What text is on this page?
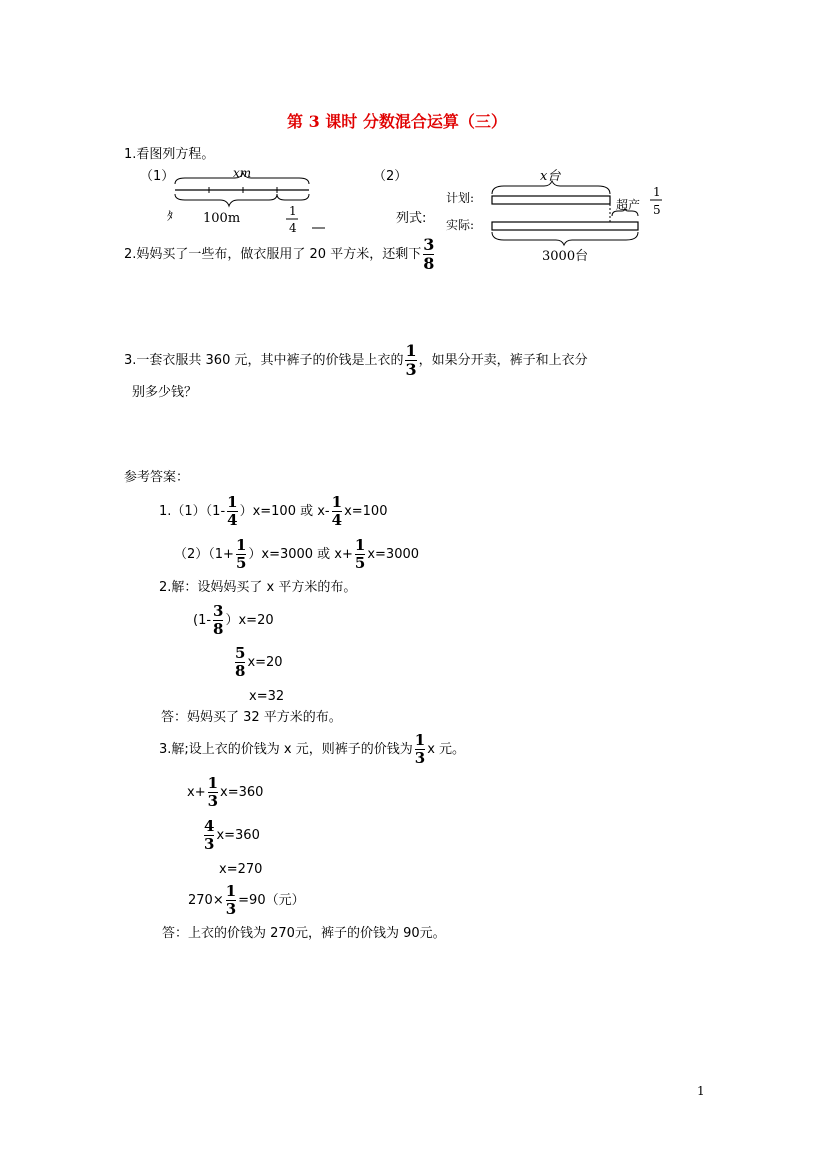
第 3 课时 分数混合运算（三）
1.看图列方程。
（1）	xm
ﾀ 100m	1
4
（2）
列式:
x台
计划:
实际:
超产
1
5
3000台
2.妈妈买了一些布，做衣服用了 20 平方米，还剩下 $\frac{3}{8}$
3.一套衣服共 360 元，其中裤子的价钱是上衣的 $\frac{1}{3}$ ，如果分开卖，裤子和上衣分
别多少钱？
参考答案：
$1.(1)(1- \frac{1}{4} )x=100$ 或 $x- \frac{1}{4} x=100$
$(2)(1+ \frac{1}{5} )x=3000$ 或 $x+ \frac{1}{5} x=3000$
2.解：设妈妈买了 x 平方米的布。
$(1- \frac{3}{8} )x=20$
$\frac{5}{8} x=20$
x=32
答：妈妈买了 32 平方米的布。
3.解;设上衣的价钱为 x 元，则裤子的价钱为 $\frac{1}{3}$ x 元。
$x+ \frac{1}{3} x=360$
$\frac{4}{3} x=360$
x=270
$270\times \frac{1}{3} =90$（元）
答：上衣的价钱为 270元，裤子的价钱为 90元。
1
